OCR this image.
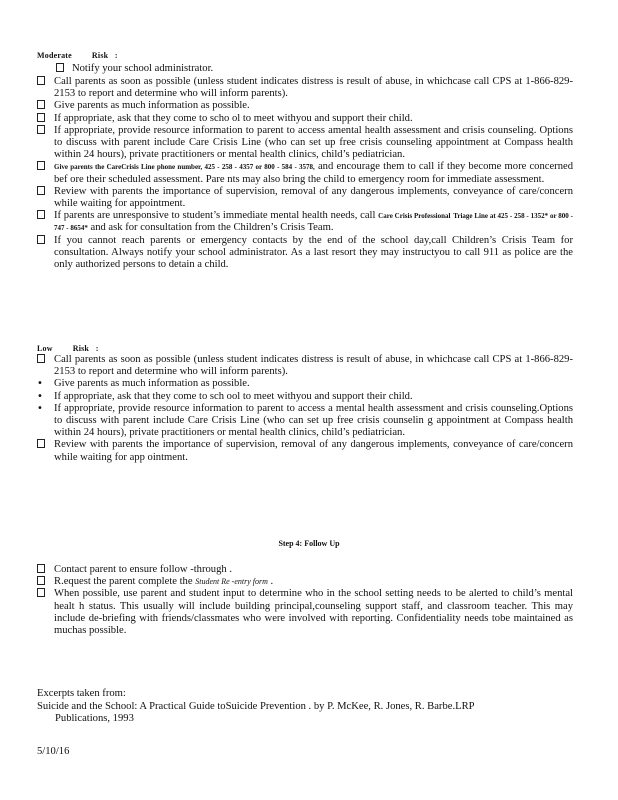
Moderate	Risk :
Notify your school administrator.
Call parents as soon as possible (unless student indicates distress is result of abuse, in whichcase call CPS at 1-866-829-2153 to report and determine who will inform parents).
Give parents as much information as possible.
If appropriate, ask that they come to scho ol to meet withyou and support their child.
If appropriate, provide resource information to parent to access amental health assessment and crisis counseling. Options to discuss with parent include Care Crisis Line (who can set up free crisis counseling appointment at Compass health within 24 hours), private practitioners or mental health clinics, child’s pediatrician.
Give parents the CareCrisis Line phone number, 425 - 258 - 4357 or 800 - 584 - 3578, and encourage them to call if they become more concerned bef ore their scheduled assessment. Pare nts may also bring the child to emergency room for immediate assessment.
Review with parents the importance of supervision, removal of any dangerous implements, conveyance of care/concern while waiting for appointment.
If parents are unresponsive to student’s immediate mental health needs, call Care Crisis Professional Triage Line at 425 - 258 - 1352* or 800 - 747 - 8654* and ask for consultation from the Children’s Crisis Team.
If you cannot reach parents or emergency contacts by the end of the school day,call Children’s Crisis Team for consultation. Always notify your school administrator. As a last resort they may instructyou to call 911 as police are the only authorized persons to detain a child.
Low	Risk :
Call parents as soon as possible (unless student indicates distress is result of abuse, in whichcase call CPS at 1-866-829-2153 to report and determine who will inform parents).
•	Give parents as much information as possible.
•	If appropriate, ask that they come to sch ool to meet withyou and support their child.
•	If appropriate, provide resource information to parent to access a mental health assessment and crisis counseling.Options to discuss with parent include Care Crisis Line (who can set up free crisis counselin g appointment at Compass health within 24 hours), private practitioners or mental health clinics, child’s pediatrician.
Review with parents the importance of supervision, removal of any dangerous implements, conveyance of care/concern while waiting for app ointment.
Step 4: Follow Up
Contact parent to ensure follow -through .
R.equest the parent complete the Student Re -entry form .
When possible, use parent and student input to determine who in the school setting needs to be alerted to child’s mental healt h status. This usually will include building principal,counseling support staff, and classroom teacher. This may include de-briefing with friends/classmates who were involved with reporting. Confidentiality needs tobe maintained as muchas possible.
Excerpts taken from:
Suicide and the School: A Practical Guide toSuicide Prevention . by P. McKee, R. Jones, R. Barbe.LRP
Publications, 1993
5/10/16
